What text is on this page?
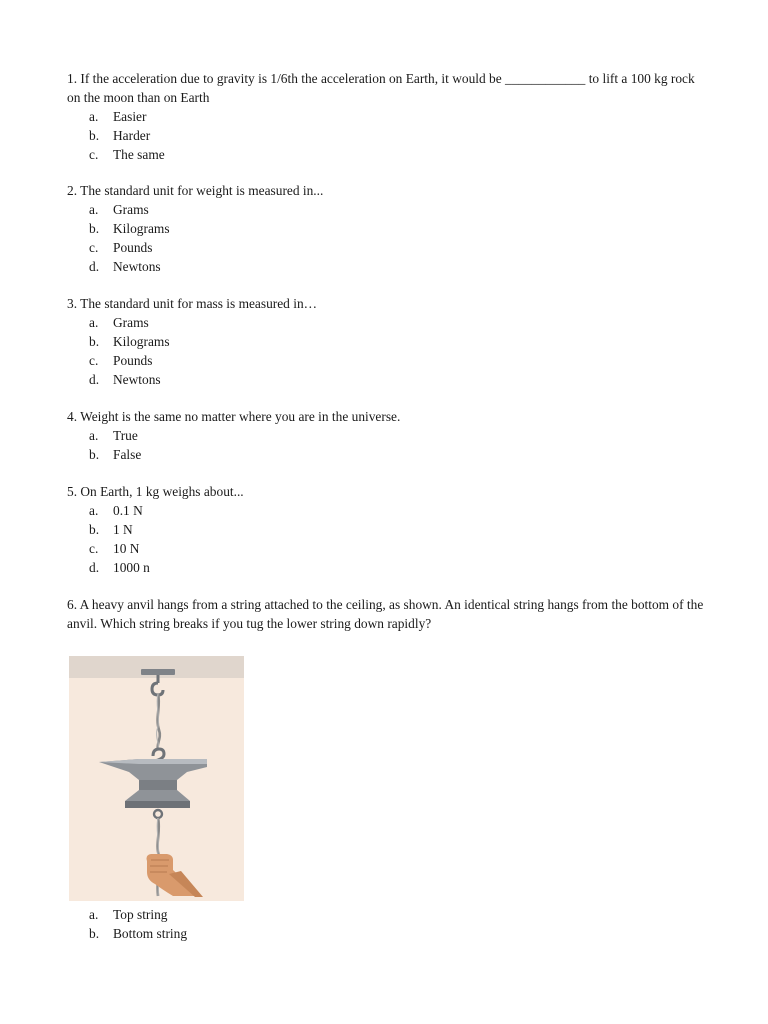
1. If the acceleration due to gravity is 1/6th the acceleration on Earth, it would be ____________ to lift a 100 kg rock on the moon than on Earth

a. Easier
b. Harder
c. The same

2. The standard unit for weight is measured in...

a. Grams
b. Kilograms
c. Pounds
d. Newtons

3. The standard unit for mass is measured in…

a. Grams
b. Kilograms
c. Pounds
d. Newtons

4. Weight is the same no matter where you are in the universe.

a. True
b. False

5. On Earth, 1 kg weighs about...

a. 0.1 N
b. 1 N
c. 10 N
d. 1000 n

6. A heavy anvil hangs from a string attached to the ceiling, as shown. An identical string hangs from the bottom of the anvil. Which string breaks if you tug the lower string down rapidly?

a. Top string
b. Bottom string
